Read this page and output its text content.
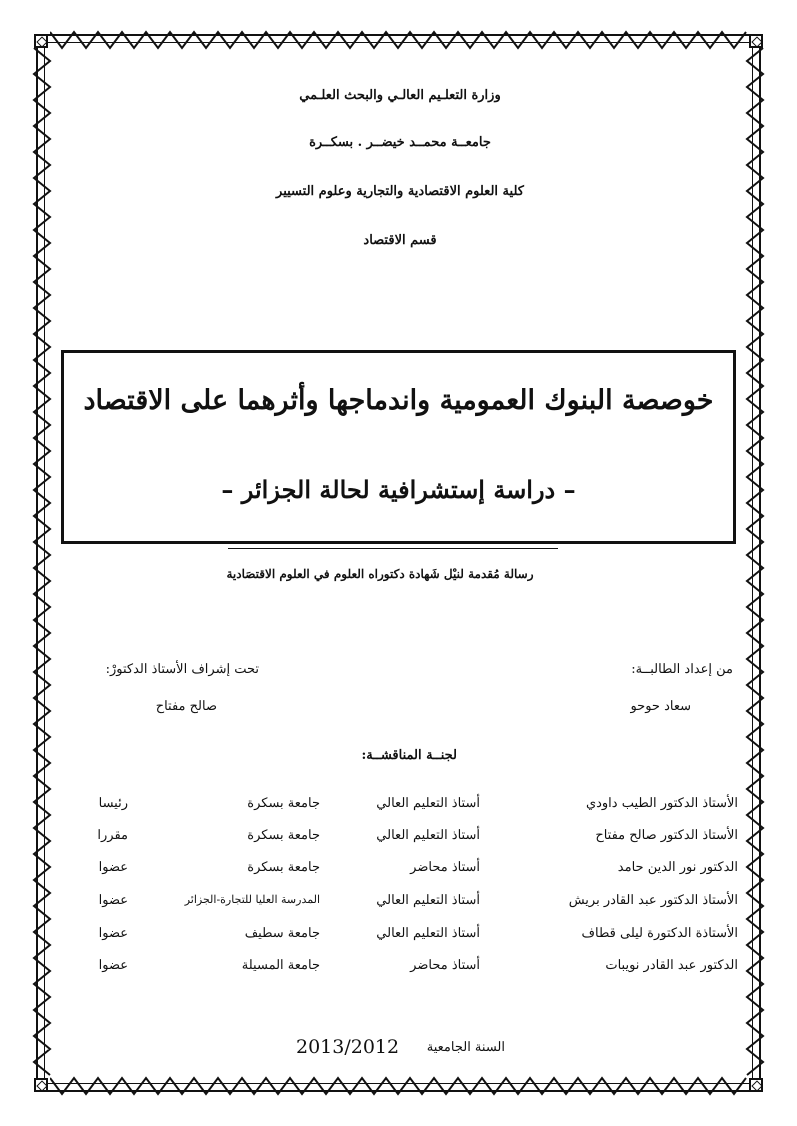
وزارة التعلـيم العالـي والبحث العلـمي
جامعــة محمــد خيضــر . بسكــرة
كلية العلوم الاقتصادية والتجارية وعلوم التسيير
قسم الاقتصاد
خوصصة البنوك العمومية واندماجها وأثرهما على الاقتصاد
– دراسة إستشرافية لحالة الجزائر –
رسالة مُقدمة لنيْل شَهادة دكتوراه العلوم في العلوم الاقتصَادية
من إعداد الطالبــة:
سعاد حوحو
تحت إشراف الأستاذ الدكتورْ:
صالح مفتاح
لجنــة المناقشــة:
الأستاذ الدكتور الطيب داودي
أستاذ التعليم العالي
جامعة بسكرة
رئيسا
الأستاذ الدكتور صالح مفتاح
أستاذ التعليم العالي
جامعة بسكرة
مقررا
الدكتور نور الدين حامد
أستاذ محاضر
جامعة بسكرة
عضوا
الأستاذ الدكتور عبد القادر بريش
أستاذ التعليم العالي
المدرسة العليا للتجارة-الجزائر
عضوا
الأستاذة الدكتورة ليلى قطاف
أستاذ التعليم العالي
جامعة سطيف
عضوا
الدكتور عبد القادر نويبات
أستاذ محاضر
جامعة المسيلة
عضوا
السنة الجامعية
2013/2012
